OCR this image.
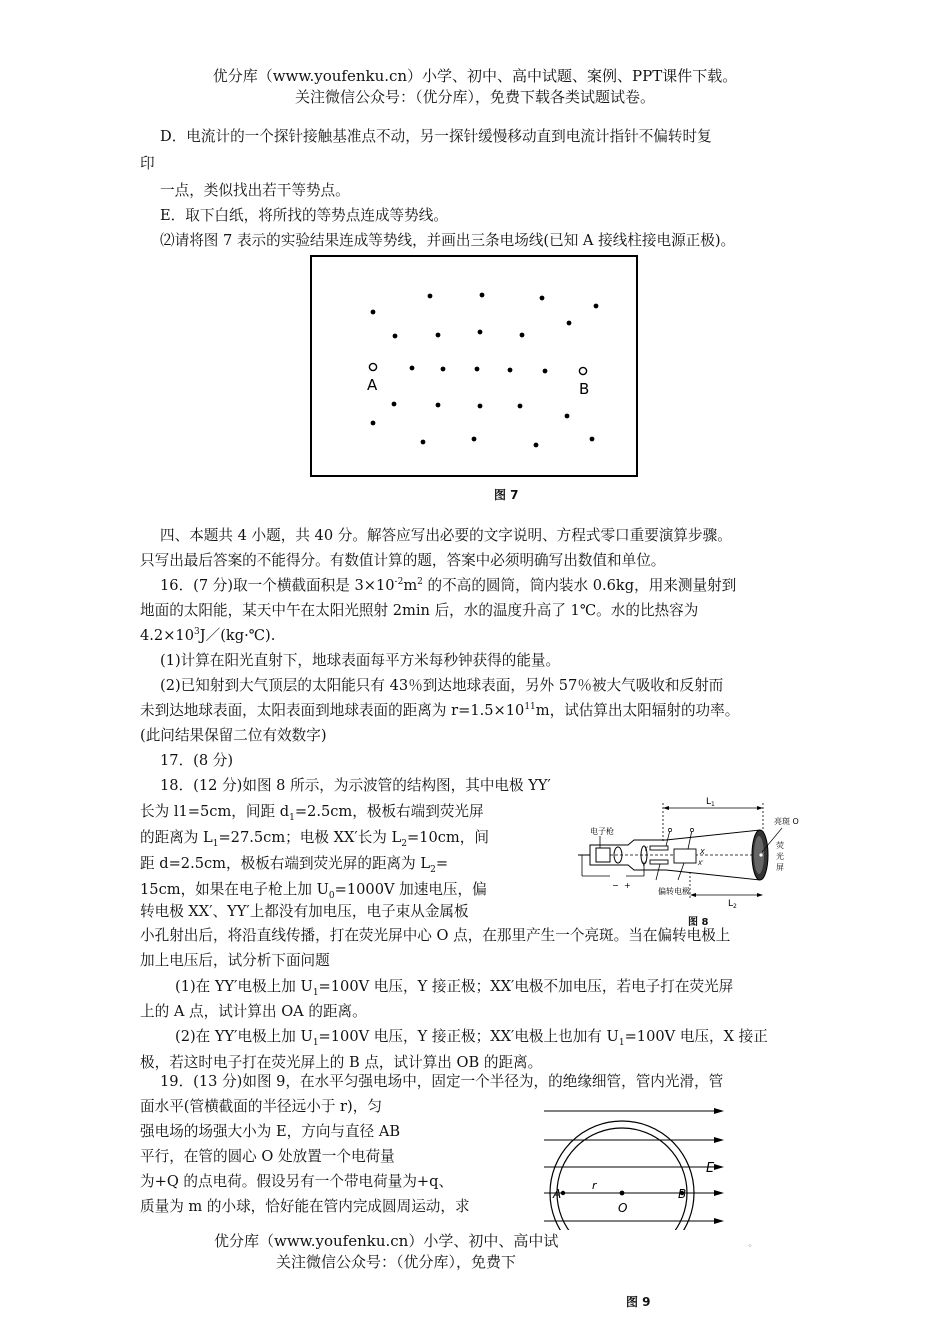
优分库（www.youfenku.cn）小学、初中、高中试题、案例、PPT课件下载。
关注微信公众号：（优分库），免费下载各类试题试卷。
D．电流计的一个探针接触基准点不动，另一探针缓慢移动直到电流计指针不偏转时复
印
一点，类似找出若干等势点。
E．取下白纸，将所找的等势点连成等势线。
⑵请将图 7 表示的实验结果连成等势线，并画出三条电场线(已知 A 接线柱接电源正极)。
A	B
图 7
四、本题共 4 小题，共 40 分。解答应写出必要的文字说明、方程式零口重要演算步骤。
只写出最后答案的不能得分。有数值计算的题，答案中必须明确写出数值和单位。
16．(7 分)取一个横截面积是 $3\times 10^{-2}m^2$ 的不高的圆筒，筒内装水 0.6kg，用来测量射到
地面的太阳能，某天中午在太阳光照射 2min 后，水的温度升高了 1℃。水的比热容为
$4.2\times 10^3J/(kg\cdot℃)$.
(1)计算在阳光直射下，地球表面每平方米每秒钟获得的能量。
(2)已知射到大气顶层的太阳能只有 43％到达地球表面，另外 57％被大气吸收和反射而
未到达地球表面，太阳表面到地球表面的距离为 $r=1.5\times 10^{11}m$，试估算出太阳辐射的功率。
(此问结果保留二位有效数字)
17．(8 分)
18．(12 分)如图 8 所示，为示波管的结构图，其中电极 YY′
长为 l1=5cm，间距 $d_1=2.5cm$，极板右端到荧光屏
的距离为 $L_1=27.5cm$；电极 XX′长为 $L_2=10cm$，间
距 d=2.5cm，极板右端到荧光屏的距离为 $L_2=$
15cm，如果在电子枪上加 $U_0=1000V$ 加速电压，偏
转电极 XX′、YY′上都没有加电压，电子束从金属板
小孔射出后，将沿直线传播，打在荧光屏中心 O 点，在那里产生一个亮斑。当在偏转电极上
加上电压后，试分析下面问题
(1)在 YY′电极上加 $U_1=100V$ 电压，Y 接正极；XX′电极不加电压，若电子打在荧光屏
上的 A 点，试计算出 OA 的距离。
(2)在 YY′电极上加 $U_1=100V$ 电压，Y 接正极；XX′电极上也加有 $U_1=100V$ 电压，X 接正
极，若这时电子打在荧光屏上的 B 点，试计算出 OB 的距离。
$L_1$
$L_2$
电子枪
Y
Y′
X
X′
− +
偏转电极
亮斑 O
荧
光
屏
图 8
19．(13 分)如图 9，在水平匀强电场中，固定一个半径为，的绝缘细管，管内光滑，管
面水平(管横截面的半径远小于 r)，匀
强电场的场强大小为 E，方向与直径 AB
平行，在管的圆心 O 处放置一个电荷量
为+Q 的点电荷。假设另有一个带电荷量为+q、
质量为 m 的小球，恰好能在管内完成圆周运动，求
E
A	B
O
r
图 9
优分库（www.youfenku.cn）小学、初中、高中试	。
关注微信公众号：（优分库），免费下
